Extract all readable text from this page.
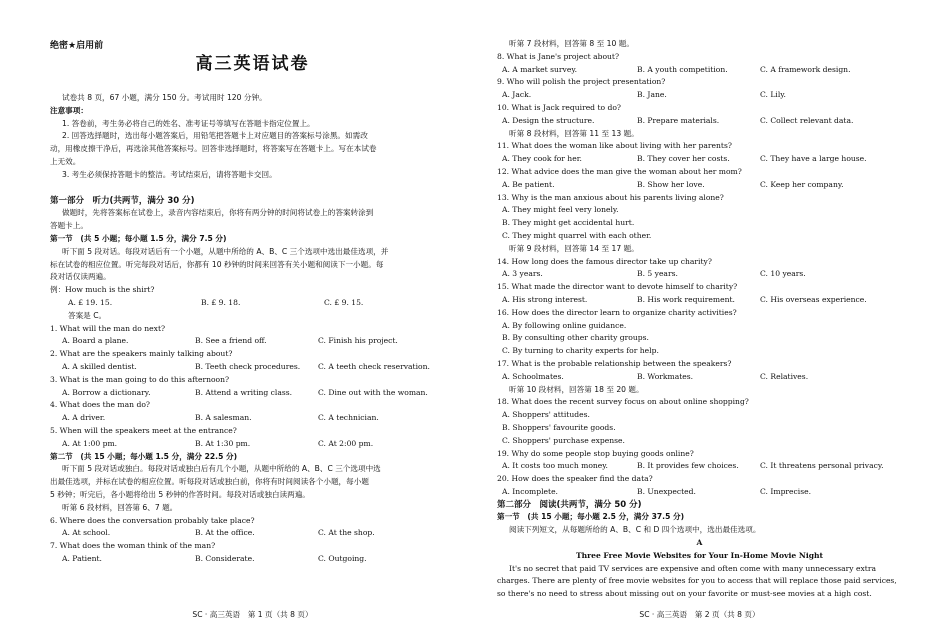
绝密★启用前
高三英语试卷
试卷共 8 页，67 小题，满分 150 分。考试用时 120 分钟。
注意事项：
1. 答卷前，考生务必将自己的姓名、准考证号等填写在答题卡指定位置上。
2. 回答选择题时，选出每小题答案后，用铅笔把答题卡上对应题目的答案标号涂黑。如需改
动，用橡皮擦干净后，再选涂其他答案标号。回答非选择题时，将答案写在答题卡上。写在本试卷
上无效。
3. 考生必须保持答题卡的整洁。考试结束后，请将答题卡交回。
第一部分　听力(共两节，满分 30 分)
做题时，先将答案标在试卷上，录音内容结束后，你将有两分钟的时间将试卷上的答案转涂到
答题卡上。
第一节　(共 5 小题；每小题 1.5 分，满分 7.5 分)
听下面 5 段对话。每段对话后有一个小题，从题中所给的 A、B、C 三个选项中选出最佳选项，并
标在试卷的相应位置。听完每段对话后，你都有 10 秒钟的时间来回答有关小题和阅读下一小题。每
段对话仅读两遍。
例：How much is the shirt?
A. £ 19. 15.	B. £ 9. 18.	C. £ 9. 15.
答案是 C。
1. What will the man do next?
A. Board a plane.	B. See a friend off.	C. Finish his project.
2. What are the speakers mainly talking about?
A. A skilled dentist.	B. Teeth check procedures.	C. A teeth check reservation.
3. What is the man going to do this afternoon?
A. Borrow a dictionary.	B. Attend a writing class.	C. Dine out with the woman.
4. What does the man do?
A. A driver.	B. A salesman.	C. A technician.
5. When will the speakers meet at the entrance?
A. At 1:00 pm.	B. At 1:30 pm.	C. At 2:00 pm.
第二节　(共 15 小题；每小题 1.5 分，满分 22.5 分)
听下面 5 段对话或独白。每段对话或独白后有几个小题，从题中所给的 A、B、C 三个选项中选
出最佳选项，并标在试卷的相应位置。听每段对话或独白前，你将有时间阅读各个小题，每小题
5 秒钟；听完后，各小题将给出 5 秒钟的作答时间。每段对话或独白读两遍。
听第 6 段材料，回答第 6、7 题。
6. Where does the conversation probably take place?
A. At school.	B. At the office.	C. At the shop.
7. What does the woman think of the man?
A. Patient.	B. Considerate.	C. Outgoing.
SC · 高三英语　第 1 页（共 8 页）
听第 7 段材料，回答第 8 至 10 题。
8. What is Jane's project about?
A. A market survey.	B. A youth competition.	C. A framework design.
9. Who will polish the project presentation?
A. Jack.	B. Jane.	C. Lily.
10. What is Jack required to do?
A. Design the structure.	B. Prepare materials.	C. Collect relevant data.
听第 8 段材料，回答第 11 至 13 题。
11. What does the woman like about living with her parents?
A. They cook for her.	B. They cover her costs.	C. They have a large house.
12. What advice does the man give the woman about her mom?
A. Be patient.	B. Show her love.	C. Keep her company.
13. Why is the man anxious about his parents living alone?
A. They might feel very lonely.
B. They might get accidental hurt.
C. They might quarrel with each other.
听第 9 段材料，回答第 14 至 17 题。
14. How long does the famous director take up charity?
A. 3 years.	B. 5 years.	C. 10 years.
15. What made the director want to devote himself to charity?
A. His strong interest.	B. His work requirement.	C. His overseas experience.
16. How does the director learn to organize charity activities?
A. By following online guidance.
B. By consulting other charity groups.
C. By turning to charity experts for help.
17. What is the probable relationship between the speakers?
A. Schoolmates.	B. Workmates.	C. Relatives.
听第 10 段材料，回答第 18 至 20 题。
18. What does the recent survey focus on about online shopping?
A. Shoppers' attitudes.
B. Shoppers' favourite goods.
C. Shoppers' purchase expense.
19. Why do some people stop buying goods online?
A. It costs too much money.	B. It provides few choices.	C. It threatens personal privacy.
20. How does the speaker find the data?
A. Incomplete.	B. Unexpected.	C. Imprecise.
第二部分　阅读(共两节，满分 50 分)
第一节　(共 15 小题；每小题 2.5 分，满分 37.5 分)
阅读下列短文，从每题所给的 A、B、C 和 D 四个选项中，选出最佳选项。
A
Three Free Movie Websites for Your In-Home Movie Night
It's no secret that paid TV services are expensive and often come with many unnecessary extra
charges. There are plenty of free movie websites for you to access that will replace those paid services,
so there's no need to stress about missing out on your favorite or must-see movies at a high cost.
SC · 高三英语　第 2 页（共 8 页）
